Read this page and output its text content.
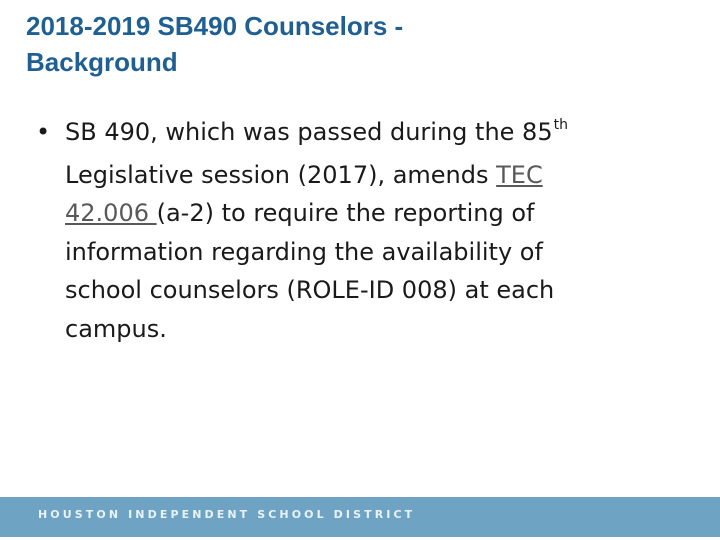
2018-2019 SB490 Counselors -
Background
• SB 490, which was passed during the 85th
Legislative session (2017), amends TEC
42.006 (a-2) to require the reporting of
information regarding the availability of
school counselors (ROLE-ID 008) at each
campus.
HOUSTON INDEPENDENT SCHOOL DISTRICT
